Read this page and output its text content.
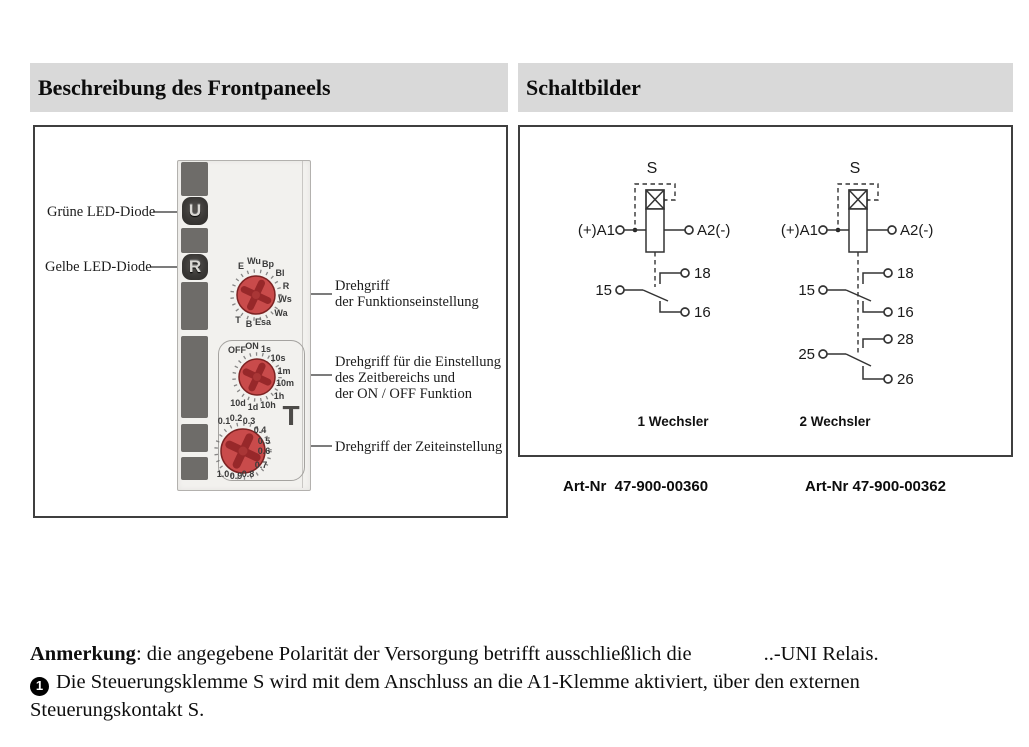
Beschreibung des Frontpaneels	Schaltbilder
U
R	E Wu Bp
Bl
R
Ws
Wa
Esa
B
T
OFF ON 1s
10s
1m
10m
1h
10h
1d
10d T
0.1 0.2 0.3
0.4
0.5
0.6
0.7
0.8
0.9
1.0
Grüne LED-Diode
Gelbe LED-Diode
Drehgriff
der Funktionseinstellung
Drehgriff für die Einstellung
des Zeitbereichs und
der ON / OFF Funktion
Drehgriff der Zeiteinstellung
S
(+)A1	A2(-)
15
18
16
1 Wechsler
S
(+)A1	A2(-)
15
18
16
25
28
26
2 Wechsler
Art-Nr  47-900-00360	Art-Nr 47-900-00362
Anmerkung: die angegebene Polarität der Versorgung betrifft ausschließlich die	..-UNI Relais.
1 Die Steuerungsklemme S wird mit dem Anschluss an die A1-Klemme aktiviert, über den externen
Steuerungskontakt S.
